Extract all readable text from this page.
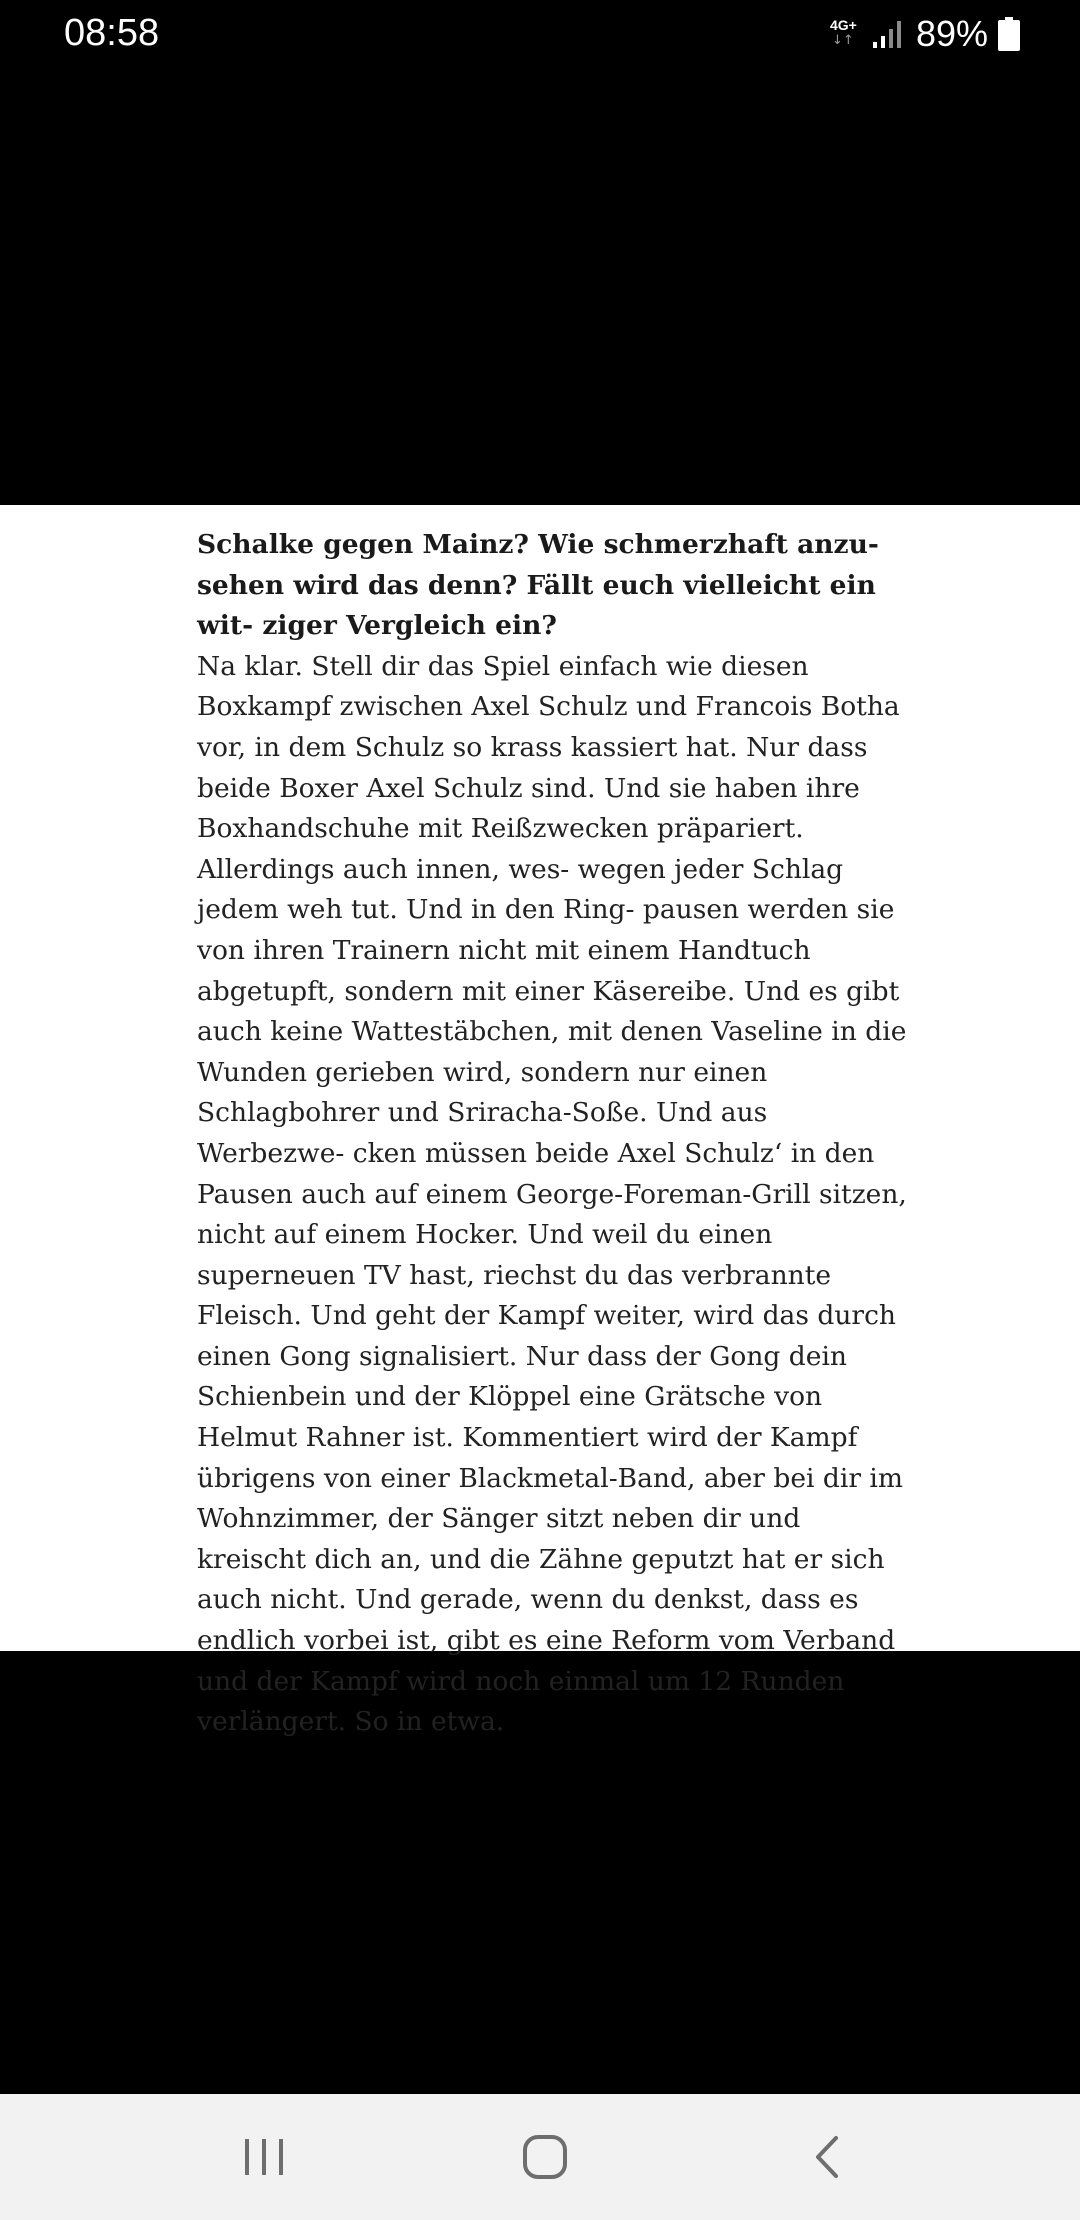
08:58	4G+
↓↑ 89%

Schalke gegen Mainz? Wie schmerzhaft anzu- sehen wird das denn? Fällt euch vielleicht ein wit- ziger Vergleich ein?

Na klar. Stell dir das Spiel einfach wie diesen Boxkampf zwischen Axel Schulz und Francois Botha vor, in dem Schulz so krass kassiert hat. Nur dass beide Boxer Axel Schulz sind. Und sie haben ihre Boxhandschuhe mit Reißzwecken präpariert. Allerdings auch innen, wes- wegen jeder Schlag jedem weh tut. Und in den Ring- pausen werden sie von ihren Trainern nicht mit einem Handtuch abgetupft, sondern mit einer Käsereibe. Und es gibt auch keine Wattestäbchen, mit denen Vaseline in die Wunden gerieben wird, sondern nur einen Schlagbohrer und Sriracha-Soße. Und aus Werbezwe- cken müssen beide Axel Schulz‘ in den Pausen auch auf einem George-Foreman-Grill sitzen, nicht auf einem Hocker. Und weil du einen superneuen TV hast, riechst du das verbrannte Fleisch. Und geht der Kampf weiter, wird das durch einen Gong signalisiert. Nur dass der Gong dein Schienbein und der Klöppel eine Grätsche von Helmut Rahner ist. Kommentiert wird der Kampf übrigens von einer Blackmetal-Band, aber bei dir im Wohnzimmer, der Sänger sitzt neben dir und kreischt dich an, und die Zähne geputzt hat er sich auch nicht. Und gerade, wenn du denkst, dass es endlich vorbei ist, gibt es eine Reform vom Verband und der Kampf wird noch einmal um 12 Runden verlängert. So in etwa.
